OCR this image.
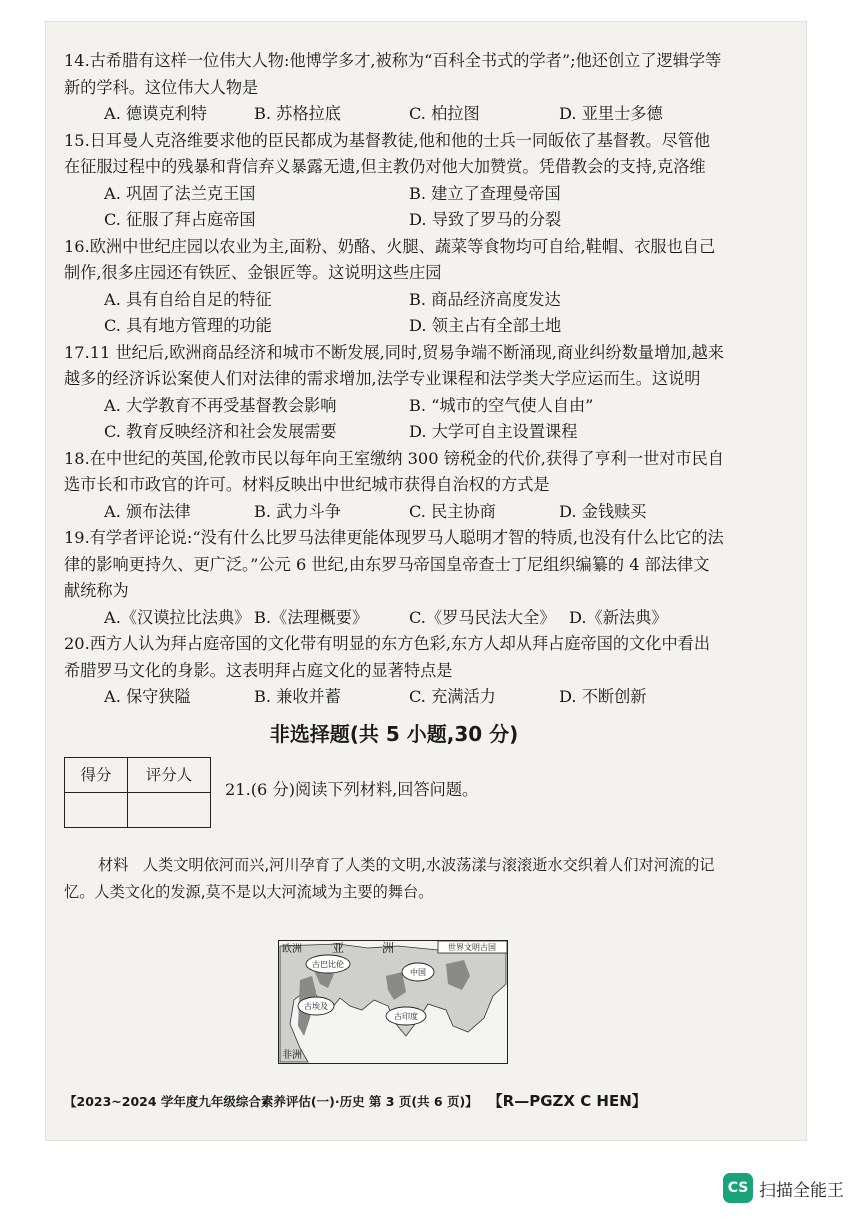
14.古希腊有这样一位伟大人物:他博学多才,被称为“百科全书式的学者”;他还创立了逻辑学等新的学科。这位伟大人物是
A. 德谟克利特	B. 苏格拉底	C. 柏拉图	D. 亚里士多德
15.日耳曼人克洛维要求他的臣民都成为基督教徒,他和他的士兵一同皈依了基督教。尽管他在征服过程中的残暴和背信弃义暴露无遗,但主教仍对他大加赞赏。凭借教会的支持,克洛维
A. 巩固了法兰克王国	B. 建立了查理曼帝国
C. 征服了拜占庭帝国	D. 导致了罗马的分裂
16.欧洲中世纪庄园以农业为主,面粉、奶酪、火腿、蔬菜等食物均可自给,鞋帽、衣服也自己制作,很多庄园还有铁匠、金银匠等。这说明这些庄园
A. 具有自给自足的特征	B. 商品经济高度发达
C. 具有地方管理的功能	D. 领主占有全部土地
17.11 世纪后,欧洲商品经济和城市不断发展,同时,贸易争端不断涌现,商业纠纷数量增加,越来越多的经济诉讼案使人们对法律的需求增加,法学专业课程和法学类大学应运而生。这说明
A. 大学教育不再受基督教会影响	B. “城市的空气使人自由”
C. 教育反映经济和社会发展需要	D. 大学可自主设置课程
18.在中世纪的英国,伦敦市民以每年向王室缴纳 300 镑税金的代价,获得了亨利一世对市民自选市长和市政官的许可。材料反映出中世纪城市获得自治权的方式是
A. 颁布法律	B. 武力斗争	C. 民主协商	D. 金钱赎买
19.有学者评论说:“没有什么比罗马法律更能体现罗马人聪明才智的特质,也没有什么比它的法律的影响更持久、更广泛。”公元 6 世纪,由东罗马帝国皇帝查士丁尼组织编纂的 4 部法律文献统称为
A.《汉谟拉比法典》 B.《法理概要》	C.《罗马民法大全》 D.《新法典》
20.西方人认为拜占庭帝国的文化带有明显的东方色彩,东方人却从拜占庭帝国的文化中看出希腊罗马文化的身影。这表明拜占庭文化的显著特点是
A. 保守狭隘	B. 兼收并蓄	C. 充满活力	D. 不断创新
非选择题(共 5 小题,30 分)
得分	评分人

21.(6 分)阅读下列材料,回答问题。
材料 人类文明依河而兴,河川孕育了人类的文明,水波荡漾与滚滚逝水交织着人们对河流的记忆。人类文化的发源,莫不是以大河流域为主要的舞台。
世界文明古国
欧洲	亚	洲
古巴比伦
中国
古埃及
古印度
非洲
【2023~2024 学年度九年级综合素养评估(一)·历史 第 3 页(共 6 页)】 【R—PGZX C HEN】
CS 扫描全能王
